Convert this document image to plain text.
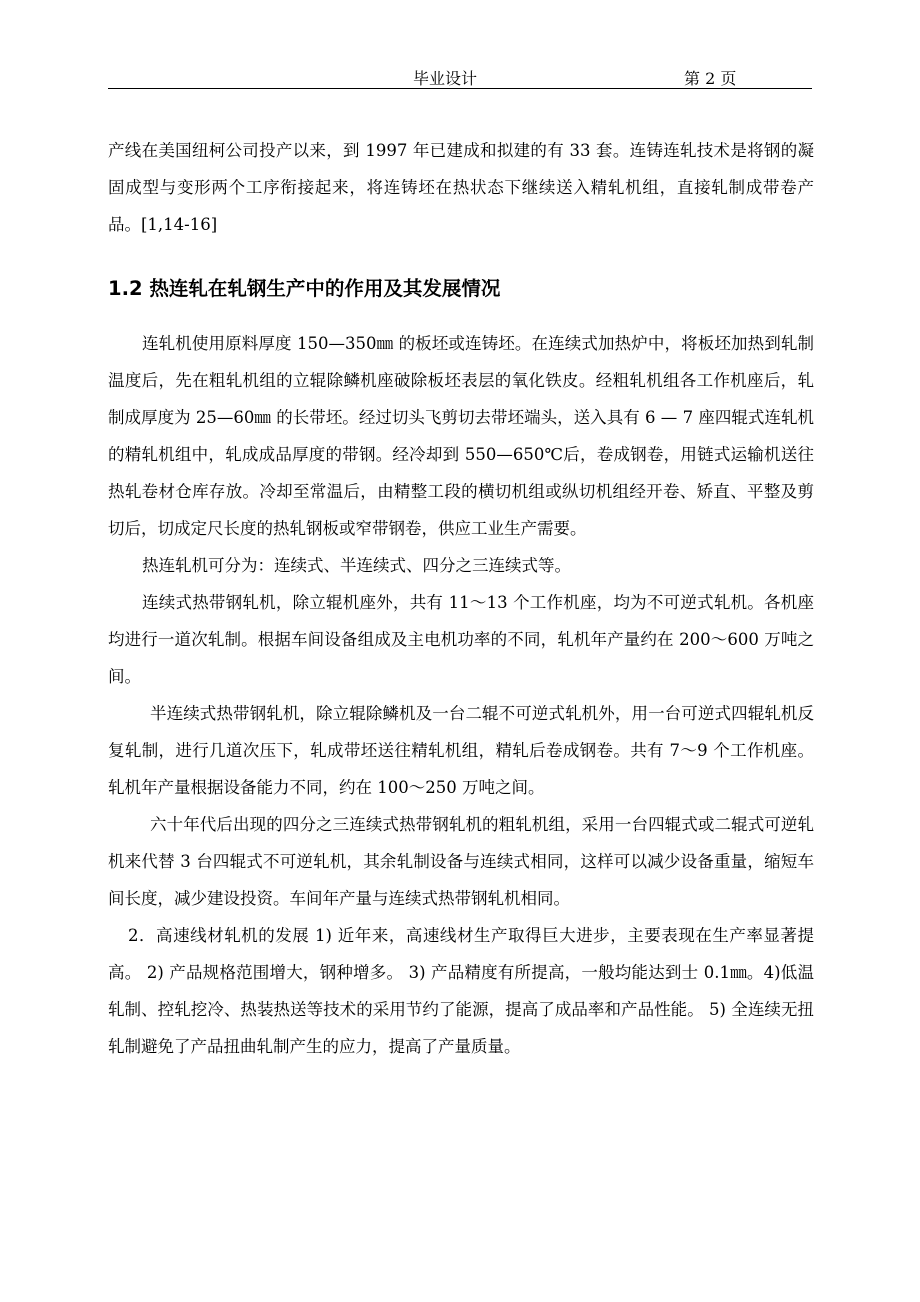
毕业设计	第 2 页

产线在美国纽柯公司投产以来，到 1997 年已建成和拟建的有 33 套。连铸连轧技术是将钢的凝固成型与变形两个工序衔接起来，将连铸坯在热状态下继续送入精轧机组，直接轧制成带卷产品。[1,14-16]

1.2 热连轧在轧钢生产中的作用及其发展情况

连轧机使用原料厚度 150—350㎜ 的板坯或连铸坯。在连续式加热炉中，将板坯加热到轧制温度后，先在粗轧机组的立辊除鳞机座破除板坯表层的氧化铁皮。经粗轧机组各工作机座后，轧制成厚度为 25—60㎜ 的长带坯。经过切头飞剪切去带坯端头，送入具有 6 — 7 座四辊式连轧机的精轧机组中，轧成成品厚度的带钢。经冷却到 550—650℃后，卷成钢卷，用链式运输机送往热轧卷材仓库存放。冷却至常温后，由精整工段的横切机组或纵切机组经开卷、矫直、平整及剪切后，切成定尺长度的热轧钢板或窄带钢卷，供应工业生产需要。

热连轧机可分为：连续式、半连续式、四分之三连续式等。

连续式热带钢轧机，除立辊机座外，共有 11～13 个工作机座，均为不可逆式轧机。各机座均进行一道次轧制。根据车间设备组成及主电机功率的不同，轧机年产量约在 200～600 万吨之间。

半连续式热带钢轧机，除立辊除鳞机及一台二辊不可逆式轧机外，用一台可逆式四辊轧机反复轧制，进行几道次压下，轧成带坯送往精轧机组，精轧后卷成钢卷。共有 7～9 个工作机座。轧机年产量根据设备能力不同，约在 100～250 万吨之间。

六十年代后出现的四分之三连续式热带钢轧机的粗轧机组，采用一台四辊式或二辊式可逆轧机来代替 3 台四辊式不可逆轧机，其余轧制设备与连续式相同，这样可以减少设备重量，缩短车间长度，减少建设投资。车间年产量与连续式热带钢轧机相同。

2．高速线材轧机的发展 1) 近年来，高速线材生产取得巨大进步，主要表现在生产率显著提高。 2) 产品规格范围增大，钢种增多。 3) 产品精度有所提高，一般均能达到士 0.1㎜。4)低温轧制、控轧挖冷、热装热送等技术的采用节约了能源，提高了成品率和产品性能。 5) 全连续无扭轧制避免了产品扭曲轧制产生的应力，提高了产量质量。
